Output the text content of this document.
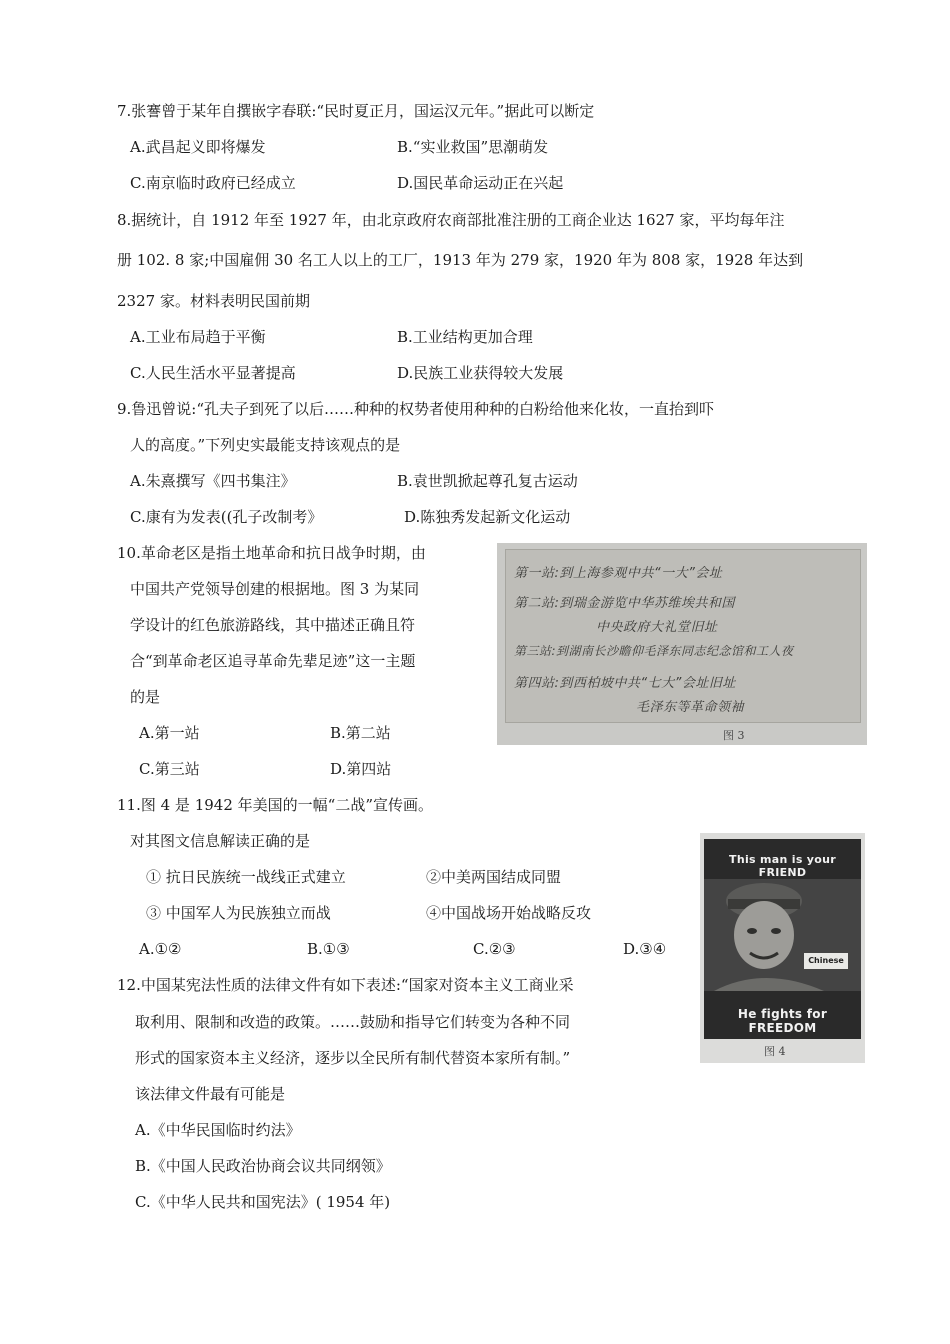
7.张謇曾于某年自撰嵌字春联:“民时夏正月，国运汉元年。”据此可以断定
A.武昌起义即将爆发	B.“实业救国”思潮萌发
C.南京临时政府已经成立	D.国民革命运动正在兴起
8.据统计，自 1912 年至 1927 年，由北京政府农商部批准注册的工商企业达 1627 家，平均每年注
册 102. 8 家;中国雇佣 30 名工人以上的工厂，1913 年为 279 家，1920 年为 808 家，1928 年达到
2327 家。材料表明民国前期
A.工业布局趋于平衡	B.工业结构更加合理
C.人民生活水平显著提高	D.民族工业获得较大发展
9.鲁迅曾说:“孔夫子到死了以后……种种的权势者使用种种的白粉给他来化妆，一直抬到吓
人的高度。”下列史实最能支持该观点的是
A.朱熹撰写《四书集注》	B.袁世凯掀起尊孔复古运动
C.康有为发表((孔子改制考》	D.陈独秀发起新文化运动
10.革命老区是指土地革命和抗日战争时期，由
中国共产党领导创建的根据地。图 3 为某同
学设计的红色旅游路线，其中描述正确且符
合“到革命老区追寻革命先辈足迹”这一主题
的是
A.第一站	B.第二站
C.第三站	D.第四站
第一站:到上海参观中共“一大”会址
第二站:到瑞金游览中华苏维埃共和国
中央政府大礼堂旧址
第三站:到湖南长沙瞻仰毛泽东同志纪念馆和工人夜
第四站:到西柏坡中共“七大”会址旧址
毛泽东等革命领袖
图 3
11.图 4 是 1942 年美国的一幅“二战”宣传画。
对其图文信息解读正确的是
① 抗日民族统一战线正式建立	②中美两国结成同盟
③ 中国军人为民族独立而战	④中国战场开始战略反攻
A.①②	B.①③	C.②③	D.③④
This man is your FRIEND
Chinese
He fights for FREEDOM
图 4
12.中国某宪法性质的法律文件有如下表述:“国家对资本主义工商业采
取利用、限制和改造的政策。……鼓励和指导它们转变为各种不同
形式的国家资本主义经济，逐步以全民所有制代替资本家所有制。”
该法律文件最有可能是
A.《中华民国临时约法》
B.《中国人民政治协商会议共同纲领》
C.《中华人民共和国宪法》( 1954 年)
